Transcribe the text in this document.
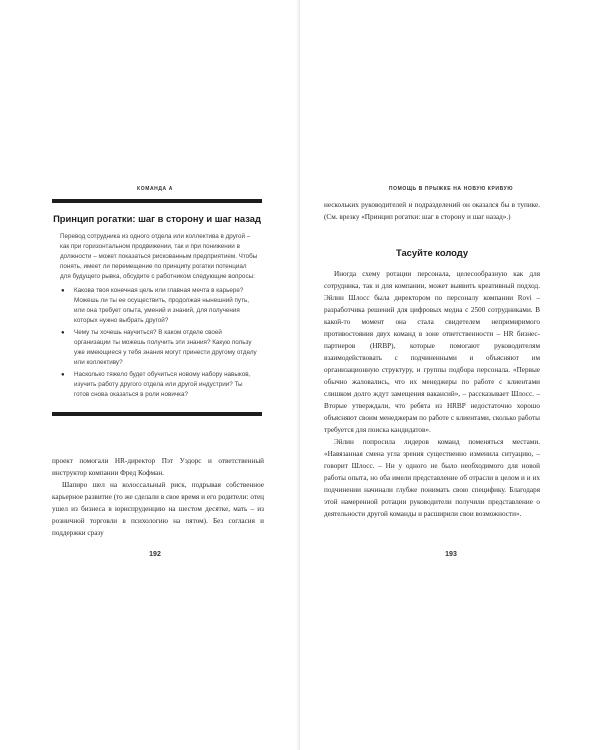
КОМАНДА А
Принцип рогатки: шаг в сторону и шаг назад

Перевод сотрудника из одного отдела или коллектива в другой – как при горизонтальном продвижении, так и при понижении в должности – может показаться рискованным предприятием. Чтобы понять, имеет ли перемещение по принципу рогатки потенциал для будущего рывка, обсудите с работником следующие вопросы:

● Какова твоя конечная цель или главная мечта в карьере? Можешь ли ты ее осуществить, продолжая нынешний путь, или она требует опыта, умений и знаний, для получения которых нужно выбрать другой?
● Чему ты хочешь научиться? В каком отделе своей организации ты можешь получить эти знания? Какую пользу уже имеющиеся у тебя знания могут принести другому отделу или коллективу?
● Насколько тяжело будет обучиться новому набору навыков, изучить работу другого отдела или другой индустрии? Ты готов снова оказаться в роли новичка?
проект помогали HR-директор Пэт Уэдорс и ответственный инструктор компании Фред Кофман.
Шапиро шел на колоссальный риск, подрывая собственное карьерное развитие (то же сделали в свое время и его родители: отец ушел из бизнеса в юриспруденцию на шестом десятке, мать – из розничной торговли в психологию на пятом). Без согласия и поддержки сразу
192
ПОМОЩЬ В ПРЫЖКЕ НА НОВУЮ КРИВУЮ
нескольких руководителей и подразделений он оказался бы в тупике. (См. врезку «Принцип рогатки: шаг в сторону и шаг назад».)
Тасуйте колоду
Иногда схему ротации персонала, целесообразную как для сотрудника, так и для компании, может выявить креативный подход. Эйлин Шлосс была директором по персоналу компании Rovi – разработчика решений для цифровых медиа с 2500 сотрудниками. В какой-то момент она стала свидетелем непримиримого противостояния двух команд в зоне ответственности – HR бизнес-партнеров (HRBP), которые помогают руководителям взаимодействовать с подчиненными и объясняют им организационную структуру, и группы подбора персонала. «Первые обычно жаловались, что их менеджеры по работе с клиентами слишком долго ждут замещения вакансий», – рассказывает Шлосс. – Вторые утверждали, что ребята из HRBP недостаточно хорошо объясняют своим менеджерам по работе с клиентами, сколько работы требуется для поиска кандидатов».
Эйлин попросила лидеров команд поменяться местами. «Навязанная смена угла зрения существенно изменила ситуацию, – говорит Шлосс. – Ни у одного не было необходимого для новой работы опыта, но оба имели представление об отрасли в целом и и их подчинении начинали глубже понимать свою специфику. Благодаря этой намеренной ротации руководители получили представление о деятельности другой команды и расширили свои возможности».
193
